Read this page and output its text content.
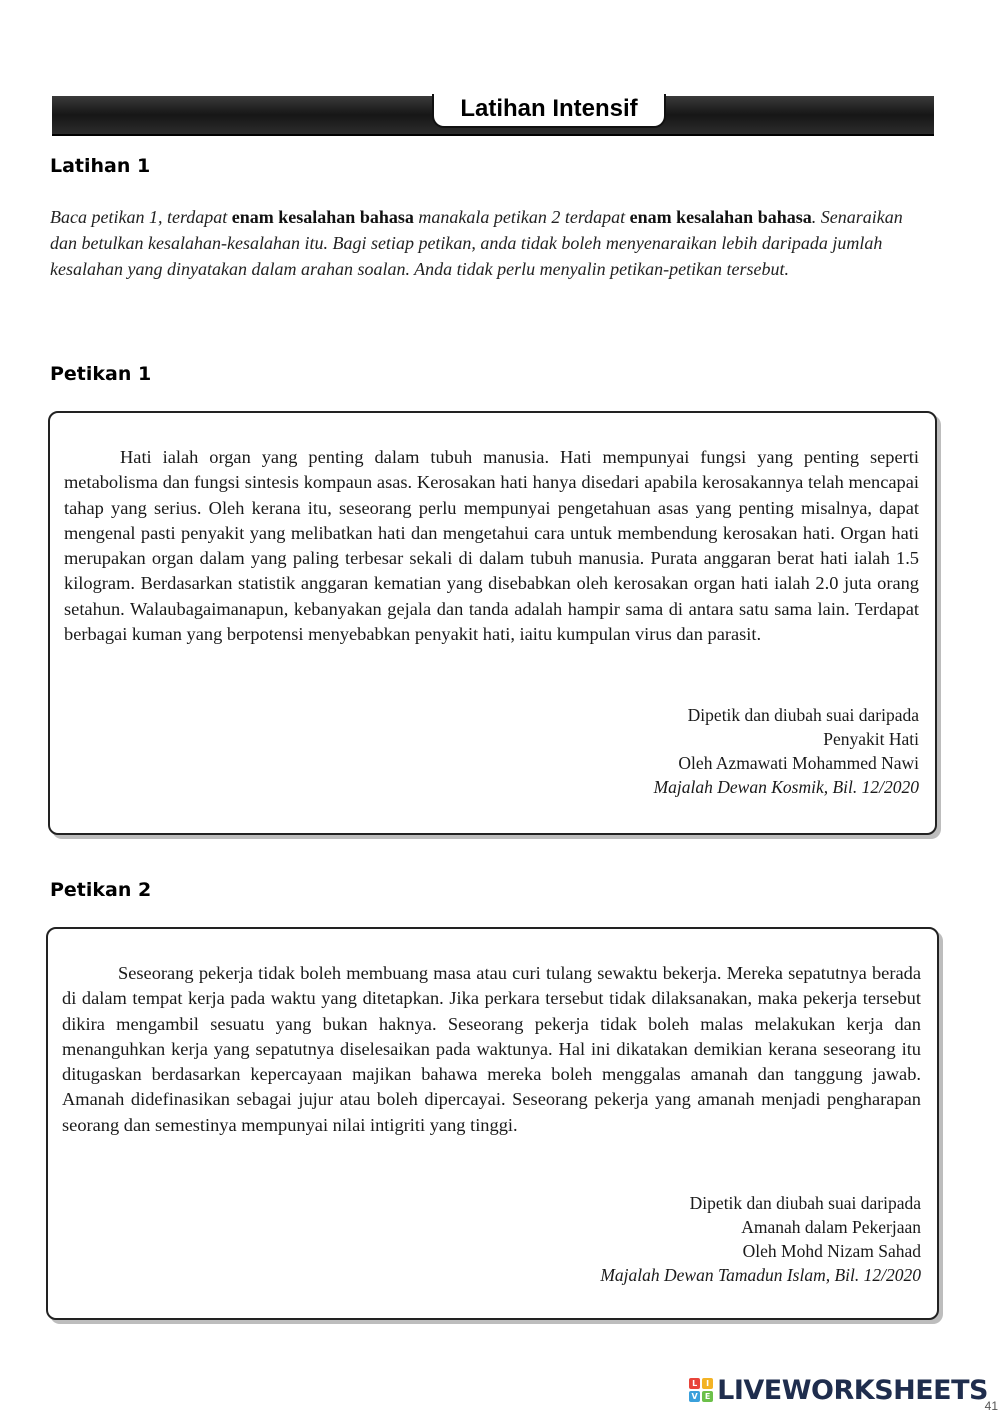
Latihan Intensif
Latihan 1
Baca petikan 1, terdapat enam kesalahan bahasa manakala petikan 2 terdapat enam kesalahan bahasa. Senaraikan dan betulkan kesalahan-kesalahan itu. Bagi setiap petikan, anda tidak boleh menyenaraikan lebih daripada jumlah kesalahan yang dinyatakan dalam arahan soalan. Anda tidak perlu menyalin petikan-petikan tersebut.
Petikan 1
Hati ialah organ yang penting dalam tubuh manusia. Hati mempunyai fungsi yang penting seperti metabolisma dan fungsi sintesis kompaun asas. Kerosakan hati hanya disedari apabila kerosakannya telah mencapai tahap yang serius. Oleh kerana itu, seseorang perlu mempunyai pengetahuan asas yang penting misalnya, dapat mengenal pasti penyakit yang melibatkan hati dan mengetahui cara untuk membendung kerosakan hati. Organ hati merupakan organ dalam yang paling terbesar sekali di dalam tubuh manusia. Purata anggaran berat hati ialah 1.5 kilogram. Berdasarkan statistik anggaran kematian yang disebabkan oleh kerosakan organ hati ialah 2.0 juta orang setahun. Walaubagaimanapun, kebanyakan gejala dan tanda adalah hampir sama di antara satu sama lain. Terdapat berbagai kuman yang berpotensi menyebabkan penyakit hati, iaitu kumpulan virus dan parasit.
Dipetik dan diubah suai daripada
Penyakit Hati
Oleh Azmawati Mohammed Nawi
Majalah Dewan Kosmik, Bil. 12/2020
Petikan 2
Seseorang pekerja tidak boleh membuang masa atau curi tulang sewaktu bekerja. Mereka sepatutnya berada di dalam tempat kerja pada waktu yang ditetapkan. Jika perkara tersebut tidak dilaksanakan, maka pekerja tersebut dikira mengambil sesuatu yang bukan haknya. Seseorang pekerja tidak boleh malas melakukan kerja dan menanguhkan kerja yang sepatutnya diselesaikan pada waktunya. Hal ini dikatakan demikian kerana seseorang itu ditugaskan berdasarkan kepercayaan majikan bahawa mereka boleh menggalas amanah dan tanggung jawab. Amanah didefinasikan sebagai jujur atau boleh dipercayai. Seseorang pekerja yang amanah menjadi pengharapan seorang dan semestinya mempunyai nilai intigriti yang tinggi.
Dipetik dan diubah suai daripada
Amanah dalam Pekerjaan
Oleh Mohd Nizam Sahad
Majalah Dewan Tamadun Islam, Bil. 12/2020
L	I
V E LIVEWORKSHEETS
41
